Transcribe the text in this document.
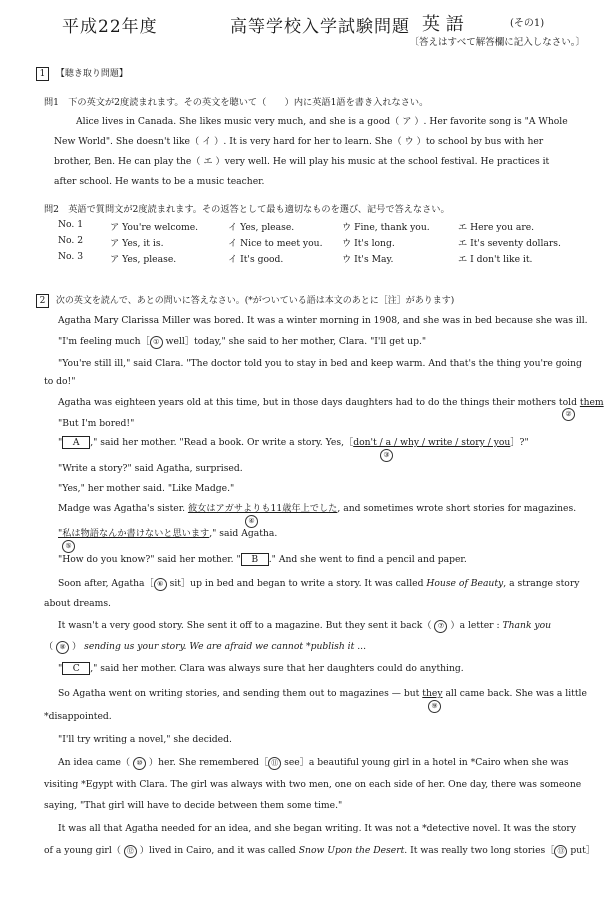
平成22年度	高等学校入学試験問題 英 語	(その1)
〔答えはすべて解答欄に記入しなさい。〕
1 【聴き取り問題】
問1　下の英文が2度読まれます。その英文を聴いて（　　）内に英語1語を書き入れなさい。
Alice lives in Canada. She likes music very much, and she is a good（ ア ）. Her favorite song is "A Whole
New World". She doesn't like（ イ ）. It is very hard for her to learn. She（ ウ ）to school by bus with her
brother, Ben. He can play the（ エ ）very well. He will play his music at the school festival. He practices it
after school. He wants to be a music teacher.
問2　英語で質問文が2度読まれます。その返答として最も適切なものを選び、記号で答えなさい。
No. 1	ア You're welcome.	イ Yes, please.	ウ Fine, thank you.	エ Here you are.
No. 2	ア Yes, it is.	イ Nice to meet you. ウ It's long.	エ It's seventy dollars.
No. 3	ア Yes, please.	イ It's good.	ウ It's May.	エ I don't like it.
2 次の英文を読んで、あとの問いに答えなさい。(*がついている語は本文のあとに［注］があります)
Agatha Mary Clarissa Miller was bored. It was a winter morning in 1908, and she was in bed because she was ill.
"I'm feeling much［ ① well］today," she said to her mother, Clara. "I'll get up."
"You're still ill," said Clara. "The doctor told you to stay in bed and keep warm. And that's the thing you're going
to do!"
Agatha was eighteen years old at this time, but in those days daughters had to do the things their mothers told them
②
"But I'm bored!"
" A ," said her mother. "Read a book. Or write a story. Yes,［don't / a / why / write / story / you］?"
③
"Write a story?" said Agatha, surprised.
"Yes," her mother said. "Like Madge."
Madge was Agatha's sister. 彼女はアガサよりも11歳年上でした, and sometimes wrote short stories for magazines.
④
"私は物語なんか書けないと思います," said Agatha.
⑤
"How do you know?" said her mother. " B ." And she went to find a pencil and paper.
Soon after, Agatha［ ⑥ sit］up in bed and began to write a story. It was called House of Beauty, a strange story
about dreams.
It wasn't a very good story. She sent it off to a magazine. But they sent it back（ ⑦ ）a letter : Thank you
（ ⑧ ） sending us your story. We are afraid we cannot *publish it ...
" C ," said her mother. Clara was always sure that her daughters could do anything.
So Agatha went on writing stories, and sending them out to magazines — but they all came back. She was a little
⑨
*disappointed.
"I'll try writing a novel," she decided.
An idea came（ ⑩ ）her. She remembered［ ⑪ see］a beautiful young girl in a hotel in *Cairo when she was
visiting *Egypt with Clara. The girl was always with two men, one on each side of her. One day, there was someone
saying, "That girl will have to decide between them some time."
It was all that Agatha needed for an idea, and she began writing. It was not a *detective novel. It was the story
of a young girl（ ⑫ ）lived in Cairo, and it was called Snow Upon the Desert. It was really two long stories［ ⑬ put］
